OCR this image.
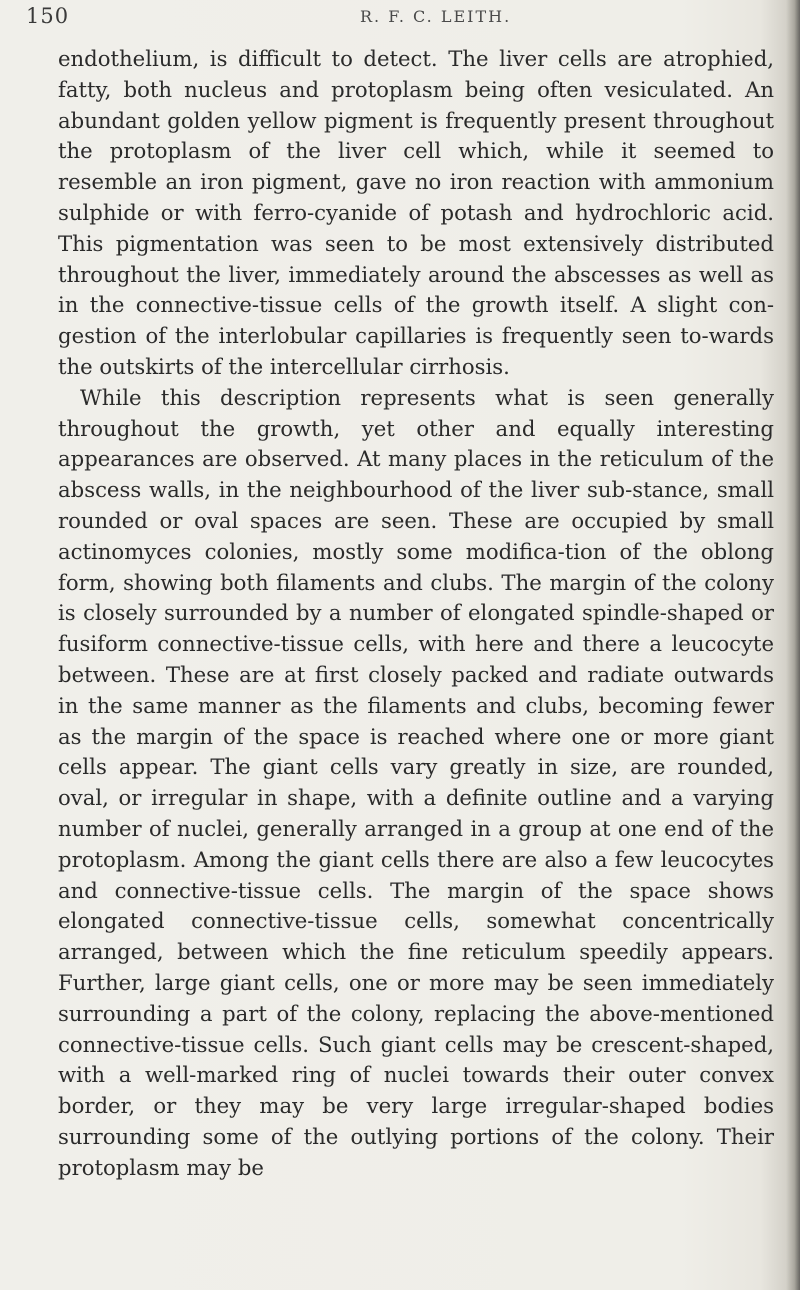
150	R. F. C. LEITH.

endothelium, is difficult to detect. The liver cells are atrophied, fatty, both nucleus and protoplasm being often vesiculated. An abundant golden yellow pigment is frequently present throughout the protoplasm of the liver cell which, while it seemed to resemble an iron pigment, gave no iron reaction with ammonium sulphide or with ferro-cyanide of potash and hydrochloric acid. This pigmentation was seen to be most extensively distributed throughout the liver, immediately around the abscesses as well as in the connective-tissue cells of the growth itself. A slight con-gestion of the interlobular capillaries is frequently seen to-wards the outskirts of the intercellular cirrhosis.

While this description represents what is seen generally throughout the growth, yet other and equally interesting appearances are observed. At many places in the reticulum of the abscess walls, in the neighbourhood of the liver sub-stance, small rounded or oval spaces are seen. These are occupied by small actinomyces colonies, mostly some modifica-tion of the oblong form, showing both filaments and clubs. The margin of the colony is closely surrounded by a number of elongated spindle-shaped or fusiform connective-tissue cells, with here and there a leucocyte between. These are at first closely packed and radiate outwards in the same manner as the filaments and clubs, becoming fewer as the margin of the space is reached where one or more giant cells appear. The giant cells vary greatly in size, are rounded, oval, or irregular in shape, with a definite outline and a varying number of nuclei, generally arranged in a group at one end of the protoplasm. Among the giant cells there are also a few leucocytes and connective-tissue cells. The margin of the space shows elongated connective-tissue cells, somewhat concentrically arranged, between which the fine reticulum speedily appears. Further, large giant cells, one or more may be seen immediately surrounding a part of the colony, replacing the above-mentioned connective-tissue cells. Such giant cells may be crescent-shaped, with a well-marked ring of nuclei towards their outer convex border, or they may be very large irregular-shaped bodies surrounding some of the outlying portions of the colony. Their protoplasm may be
